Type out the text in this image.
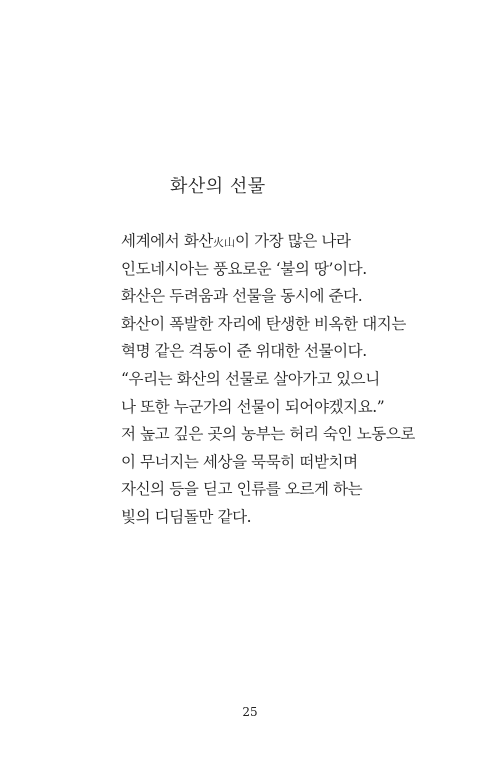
화산의 선물
세계에서 화산火山이 가장 많은 나라
인도네시아는 풍요로운 ‘불의 땅’이다.
화산은 두려움과 선물을 동시에 준다.
화산이 폭발한 자리에 탄생한 비옥한 대지는
혁명 같은 격동이 준 위대한 선물이다.
“우리는 화산의 선물로 살아가고 있으니
나 또한 누군가의 선물이 되어야겠지요.”
저 높고 깊은 곳의 농부는 허리 숙인 노동으로
이 무너지는 세상을 묵묵히 떠받치며
자신의 등을 딛고 인류를 오르게 하는
빛의 디딤돌만 같다.
25
